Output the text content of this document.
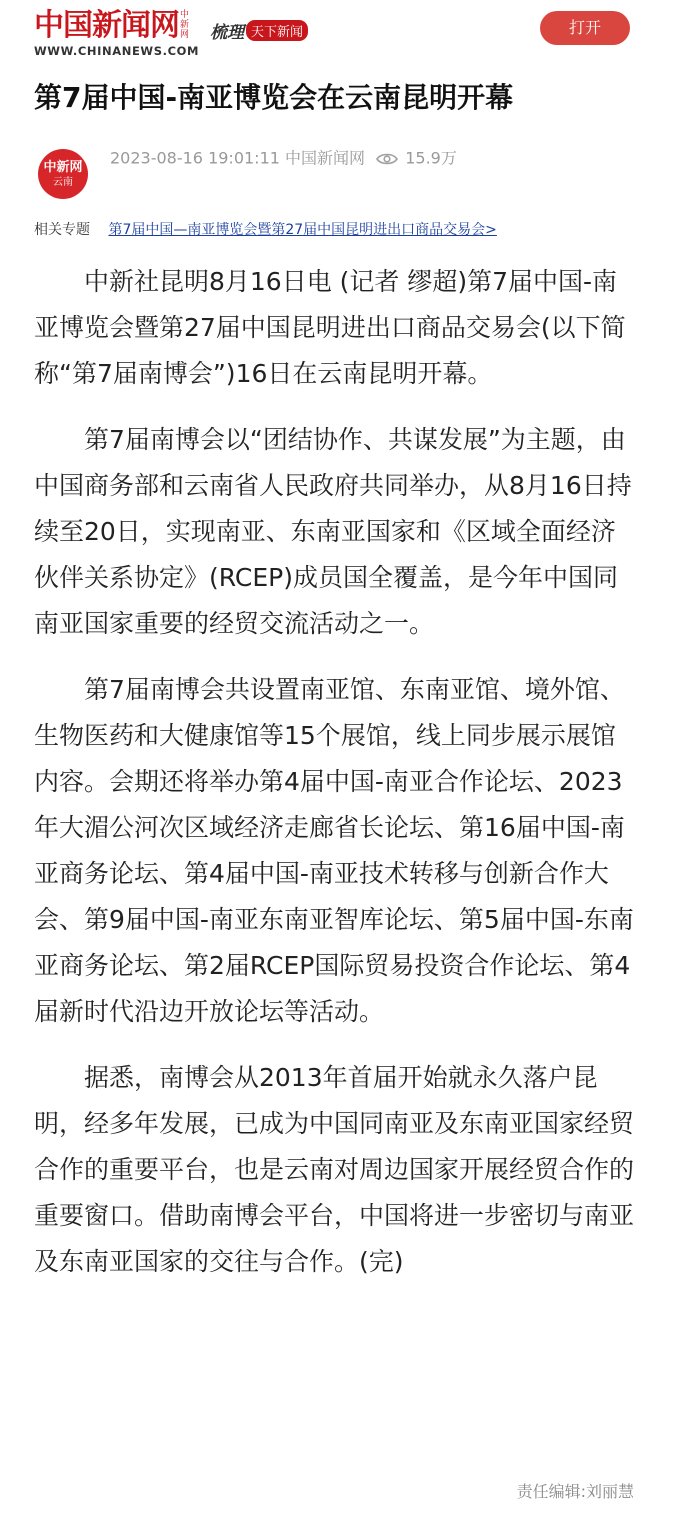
中国新闻网 中新网
WWW.CHINANEWS.COM
梳理 天下新闻	打开
第7届中国-南亚博览会在云南昆明开幕
中新网
云南
2023-08-16 19:01:11 中国新闻网	15.9万
相关专题 第7届中国—南亚博览会暨第27届中国昆明进出口商品交易会>

中新社昆明8月16日电 (记者 缪超)第7届中国-南亚博览会暨第27届中国昆明进出口商品交易会(以下简称“第7届南博会”)16日在云南昆明开幕。

第7届南博会以“团结协作、共谋发展”为主题，由中国商务部和云南省人民政府共同举办，从8月16日持续至20日，实现南亚、东南亚国家和《区域全面经济伙伴关系协定》(RCEP)成员国全覆盖，是今年中国同南亚国家重要的经贸交流活动之一。

第7届南博会共设置南亚馆、东南亚馆、境外馆、生物医药和大健康馆等15个展馆，线上同步展示展馆内容。会期还将举办第4届中国-南亚合作论坛、2023年大湄公河次区域经济走廊省长论坛、第16届中国-南亚商务论坛、第4届中国-南亚技术转移与创新合作大会、第9届中国-南亚东南亚智库论坛、第5届中国-东南亚商务论坛、第2届RCEP国际贸易投资合作论坛、第4届新时代沿边开放论坛等活动。

据悉，南博会从2013年首届开始就永久落户昆明，经多年发展，已成为中国同南亚及东南亚国家经贸合作的重要平台，也是云南对周边国家开展经贸合作的重要窗口。借助南博会平台，中国将进一步密切与南亚及东南亚国家的交往与合作。(完)

责任编辑:刘丽慧
